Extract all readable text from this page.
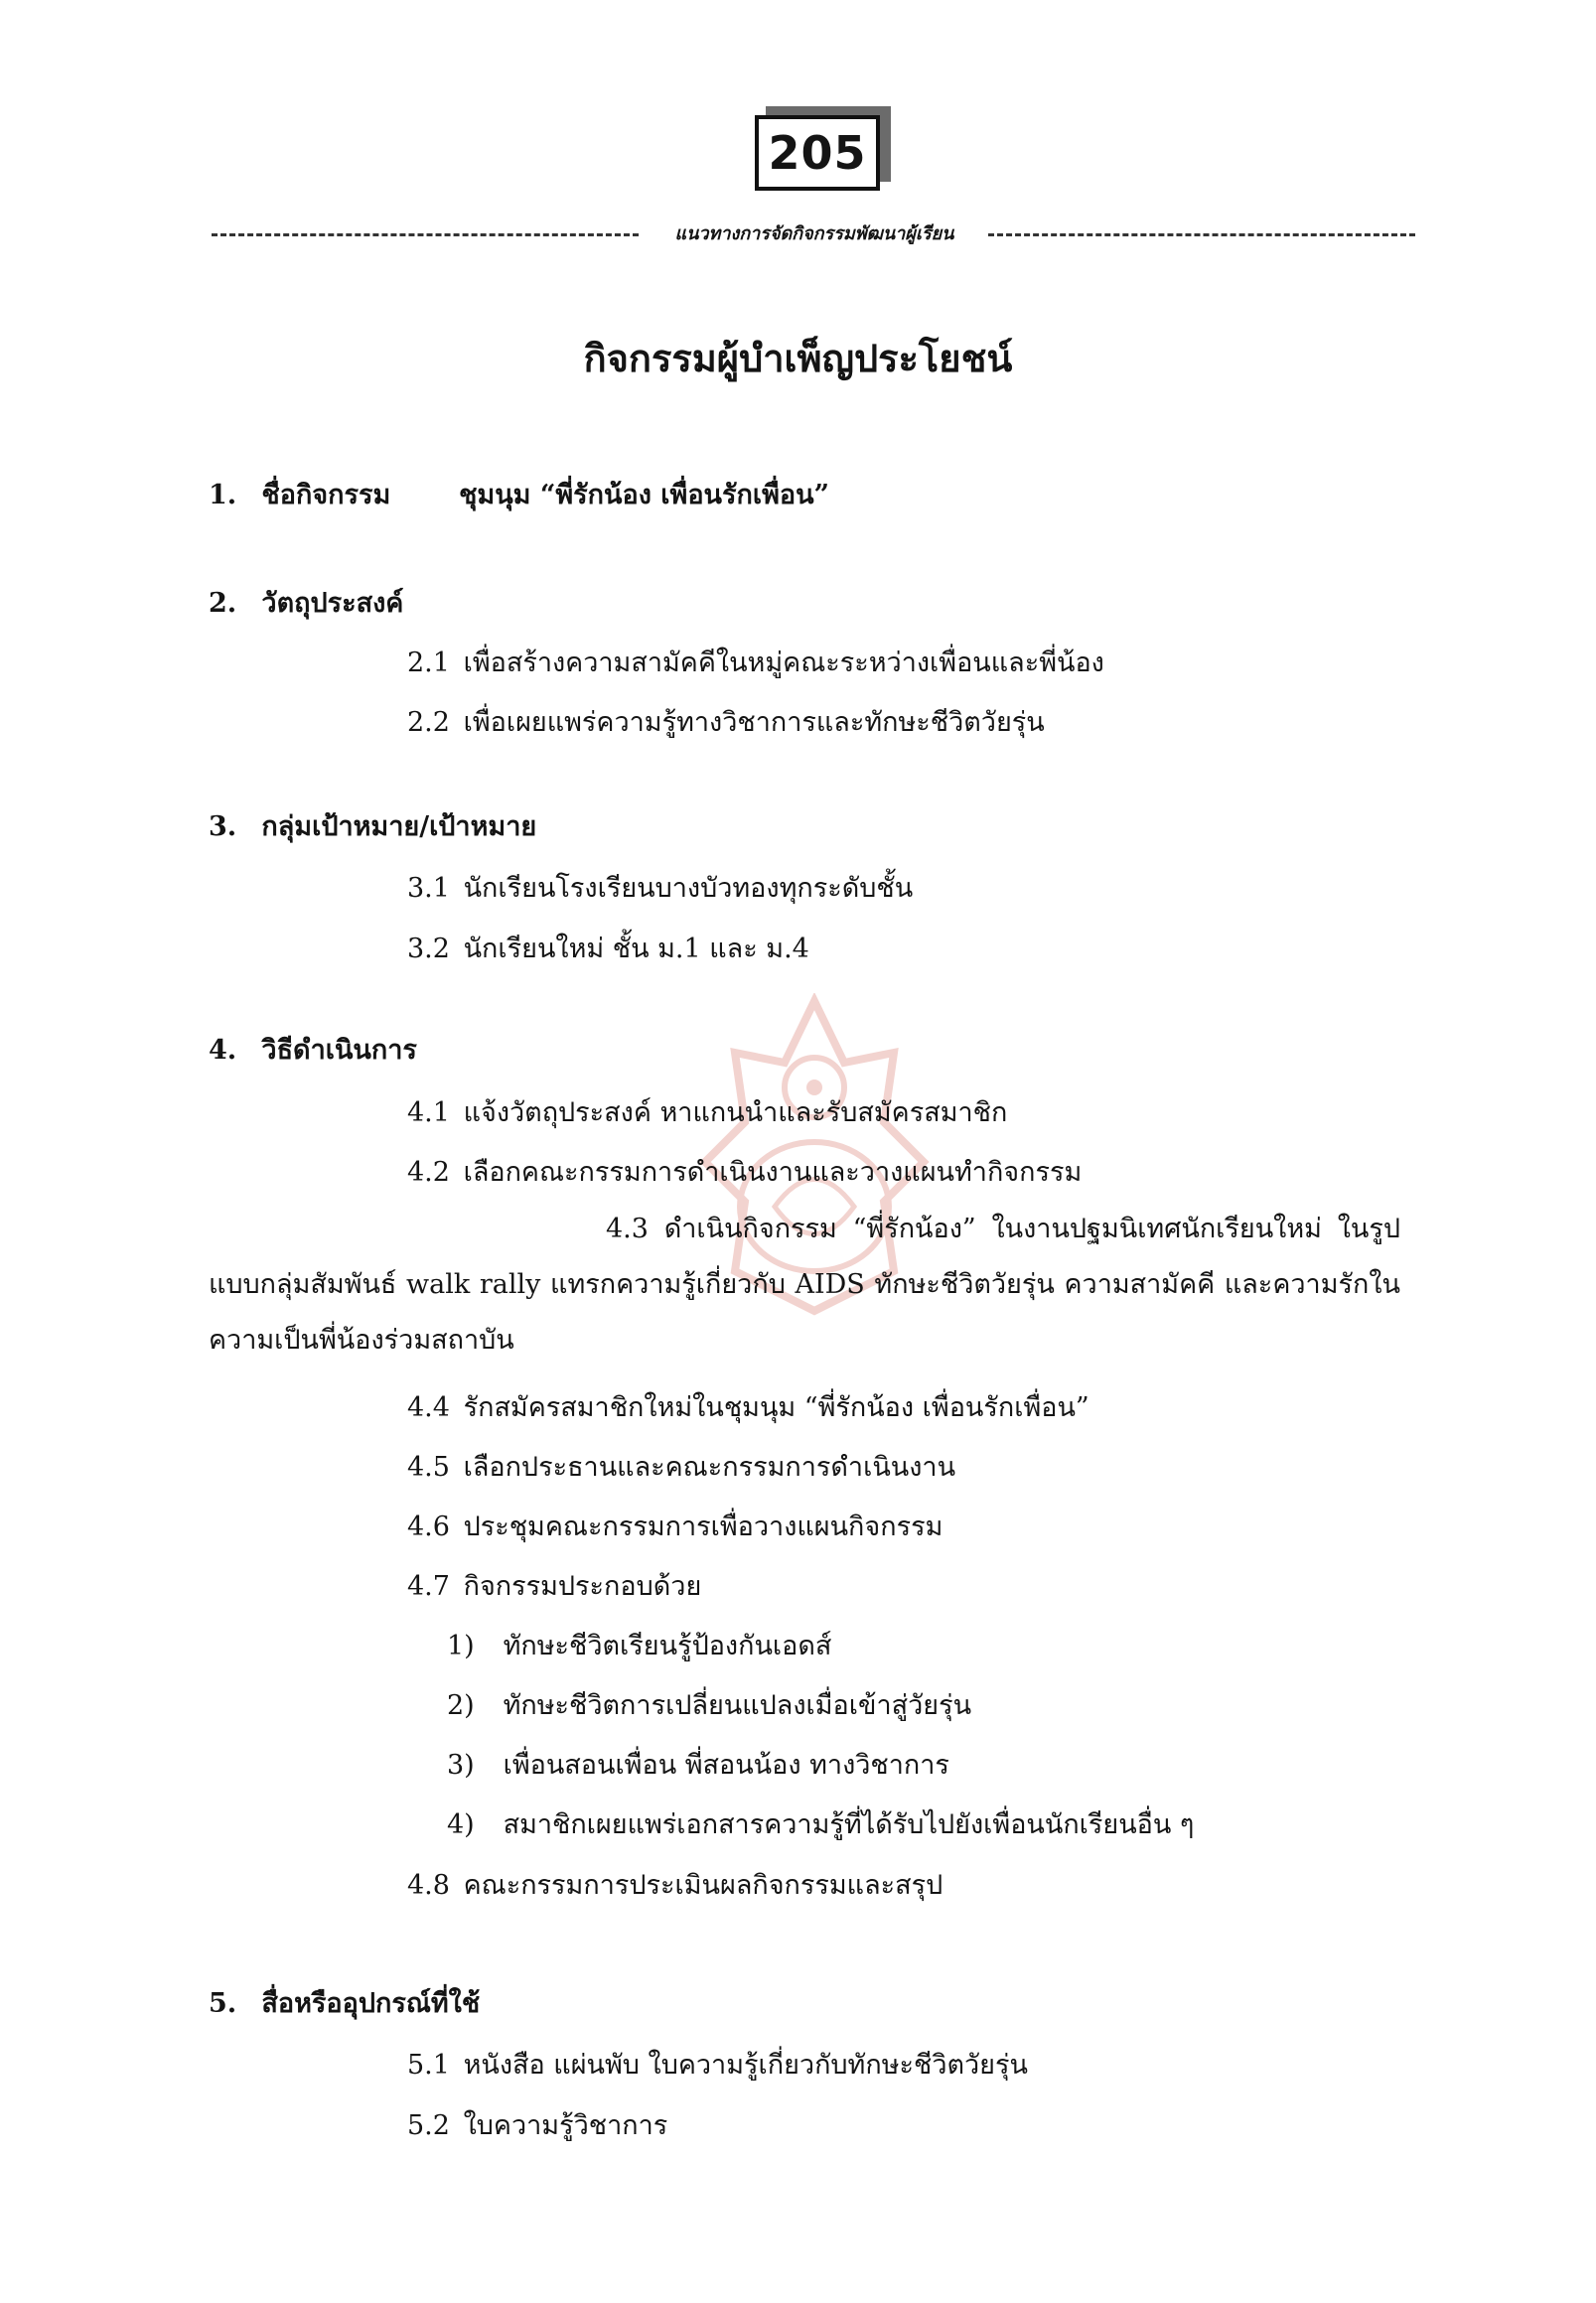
205
แนวทางการจัดกิจกรรมพัฒนาผู้เรียน
กิจกรรมผู้บำเพ็ญประโยชน์
1. ชื่อกิจกรรม	ชุมนุม “พี่รักน้อง เพื่อนรักเพื่อน”
2. วัตถุประสงค์
2.1 เพื่อสร้างความสามัคคีในหมู่คณะระหว่างเพื่อนและพี่น้อง
2.2 เพื่อเผยแพร่ความรู้ทางวิชาการและทักษะชีวิตวัยรุ่น
3. กลุ่มเป้าหมาย/เป้าหมาย
3.1 นักเรียนโรงเรียนบางบัวทองทุกระดับชั้น
3.2 นักเรียนใหม่ ชั้น ม.1 และ ม.4
4. วิธีดำเนินการ
4.1 แจ้งวัตถุประสงค์ หาแกนนำและรับสมัครสมาชิก
4.2 เลือกคณะกรรมการดำเนินงานและวางแผนทำกิจกรรม
4.3 ดำเนินกิจกรรม “พี่รักน้อง” ในงานปฐมนิเทศนักเรียนใหม่ ในรูปแบบกลุ่มสัมพันธ์ walk rally แทรกความรู้เกี่ยวกับ AIDS ทักษะชีวิตวัยรุ่น ความสามัคคี และความรักในความเป็นพี่น้องร่วมสถาบัน
4.4 รักสมัครสมาชิกใหม่ในชุมนุม “พี่รักน้อง เพื่อนรักเพื่อน”
4.5 เลือกประธานและคณะกรรมการดำเนินงาน
4.6 ประชุมคณะกรรมการเพื่อวางแผนกิจกรรม
4.7 กิจกรรมประกอบด้วย
1) ทักษะชีวิตเรียนรู้ป้องกันเอดส์
2) ทักษะชีวิตการเปลี่ยนแปลงเมื่อเข้าสู่วัยรุ่น
3) เพื่อนสอนเพื่อน พี่สอนน้อง ทางวิชาการ
4) สมาชิกเผยแพร่เอกสารความรู้ที่ได้รับไปยังเพื่อนนักเรียนอื่น ๆ
4.8 คณะกรรมการประเมินผลกิจกรรมและสรุป
5. สื่อหรืออุปกรณ์ที่ใช้
5.1 หนังสือ แผ่นพับ ใบความรู้เกี่ยวกับทักษะชีวิตวัยรุ่น
5.2 ใบความรู้วิชาการ
